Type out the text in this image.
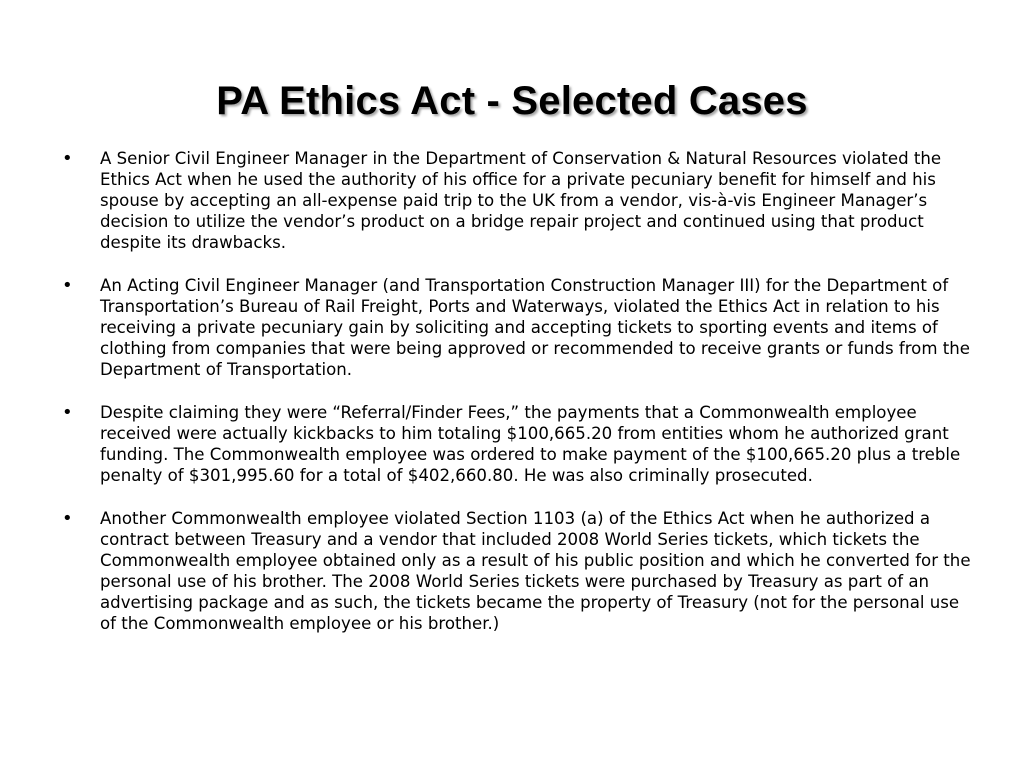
PA Ethics Act - Selected Cases
•	A Senior Civil Engineer Manager in the Department of Conservation & Natural Resources violated the Ethics Act when he used the authority of his office for a private pecuniary benefit for himself and his spouse by accepting an all-expense paid trip to the UK from a vendor, vis-à-vis Engineer Manager’s decision to utilize the vendor’s product on a bridge repair project and continued using that product despite its drawbacks.
•	An Acting Civil Engineer Manager (and Transportation Construction Manager III) for the Department of Transportation’s Bureau of Rail Freight, Ports and Waterways, violated the Ethics Act in relation to his receiving a private pecuniary gain by soliciting and accepting tickets to sporting events and items of clothing from companies that were being approved or recommended to receive grants or funds from the Department of Transportation.
•	Despite claiming they were “Referral/Finder Fees,” the payments that a Commonwealth employee received were actually kickbacks to him totaling $100,665.20 from entities whom he authorized grant funding. The Commonwealth employee was ordered to make payment of the $100,665.20 plus a treble penalty of $301,995.60 for a total of $402,660.80. He was also criminally prosecuted.
•	Another Commonwealth employee violated Section 1103 (a) of the Ethics Act when he authorized a contract between Treasury and a vendor that included 2008 World Series tickets, which tickets the Commonwealth employee obtained only as a result of his public position and which he converted for the personal use of his brother. The 2008 World Series tickets were purchased by Treasury as part of an advertising package and as such, the tickets became the property of Treasury (not for the personal use of the Commonwealth employee or his brother.)
